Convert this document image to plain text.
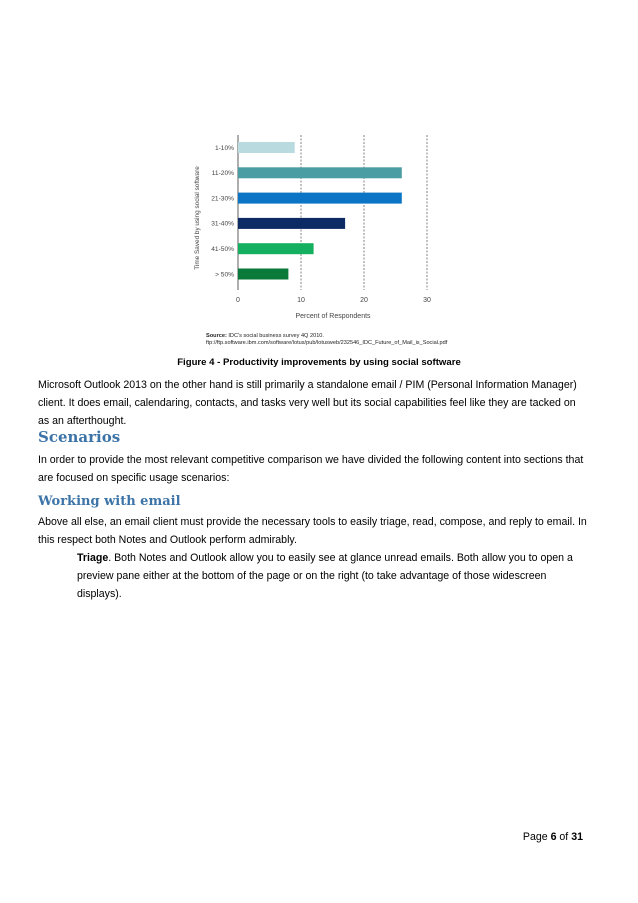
1-10%
11-20%
21-30%
31-40%
41-50%
> 50%
0	10	20	30
Percent of Respondents
Time Saved by using social software
Source: IDC's social business survey 4Q 2010.
ftp://ftp.software.ibm.com/software/lotus/pub/lotusweb/232546_IDC_Future_of_Mail_is_Social.pdf
Figure 4 - Productivity improvements by using social software

Microsoft Outlook 2013 on the other hand is still primarily a standalone email / PIM (Personal Information Manager) client. It does email, calendaring, contacts, and tasks very well but its social capabilities feel like they are tacked on as an afterthought.

Scenarios

In order to provide the most relevant competitive comparison we have divided the following content into sections that are focused on specific usage scenarios:

Working with email

Above all else, an email client must provide the necessary tools to easily triage, read, compose, and reply to email. In this respect both Notes and Outlook perform admirably.

Triage. Both Notes and Outlook allow you to easily see at glance unread emails. Both allow you to open a preview pane either at the bottom of the page or on the right (to take advantage of those widescreen displays).

Page 6 of 31
